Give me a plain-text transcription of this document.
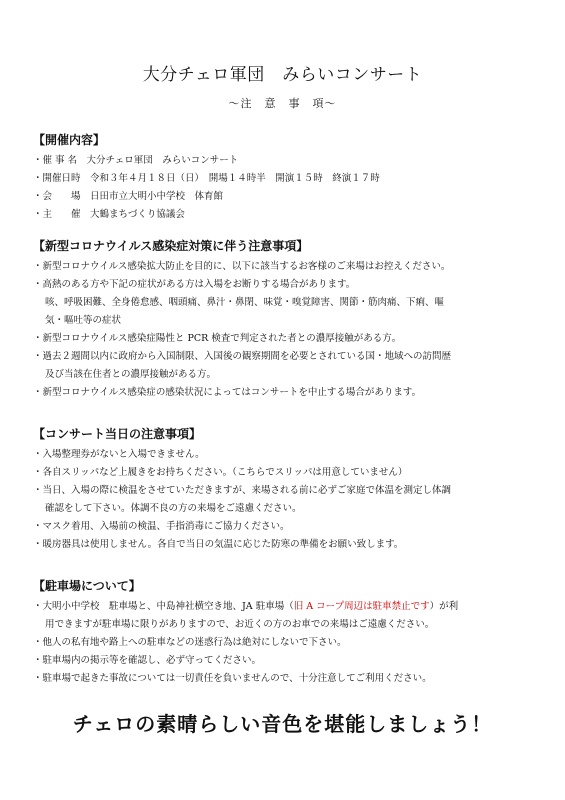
大分チェロ軍団　みらいコンサート
～注　意　事　項～
【開催内容】
・催 事 名　大分チェロ軍団　みらいコンサート
・開催日時　令和３年４月１８日（日）　開場１４時半　開演１５時　終演１７時
・会　　場　日田市立大明小中学校　体育館
・主　　催　大鶴まちづくり協議会
【新型コロナウイルス感染症対策に伴う注意事項】
・新型コロナウイルス感染拡大防止を目的に、以下に該当するお客様のご来場はお控えください。
・高熱のある方や下記の症状がある方は入場をお断りする場合があります。
咳、呼吸困難、全身倦怠感、咽頭痛、鼻汁・鼻閉、味覚・嗅覚障害、関節・筋肉痛、下痢、嘔
気・嘔吐等の症状
・新型コロナウイルス感染症陽性と PCR 検査で判定された者との濃厚接触がある方。
・過去２週間以内に政府から入国制限、入国後の観察期間を必要とされている国・地域への訪問歴
及び当該在住者との濃厚接触がある方。
・新型コロナウイルス感染症の感染状況によってはコンサートを中止する場合があります。
【コンサート当日の注意事項】
・入場整理券がないと入場できません。
・各自スリッパなど上履きをお持ちください。（こちらでスリッパは用意していません）
・当日、入場の際に検温をさせていただきますが、来場される前に必ずご家庭で体温を測定し体調
確認をして下さい。体調不良の方の来場をご遠慮ください。
・マスク着用、入場前の検温、手指消毒にご協力ください。
・暖房器具は使用しません。各自で当日の気温に応じた防寒の準備をお願い致します。
【駐車場について】
・大明小中学校　駐車場と、中島神社横空き地、JA 駐車場（旧 A コープ周辺は駐車禁止です）が利
用できますが駐車場に限りがありますので、お近くの方のお車での来場はご遠慮ください。
・他人の私有地や路上への駐車などの迷惑行為は絶対にしないで下さい。
・駐車場内の掲示等を確認し、必ず守ってください。
・駐車場で起きた事故については一切責任を負いませんので、十分注意してご利用ください。
チェロの素晴らしい音色を堪能しましょう！
